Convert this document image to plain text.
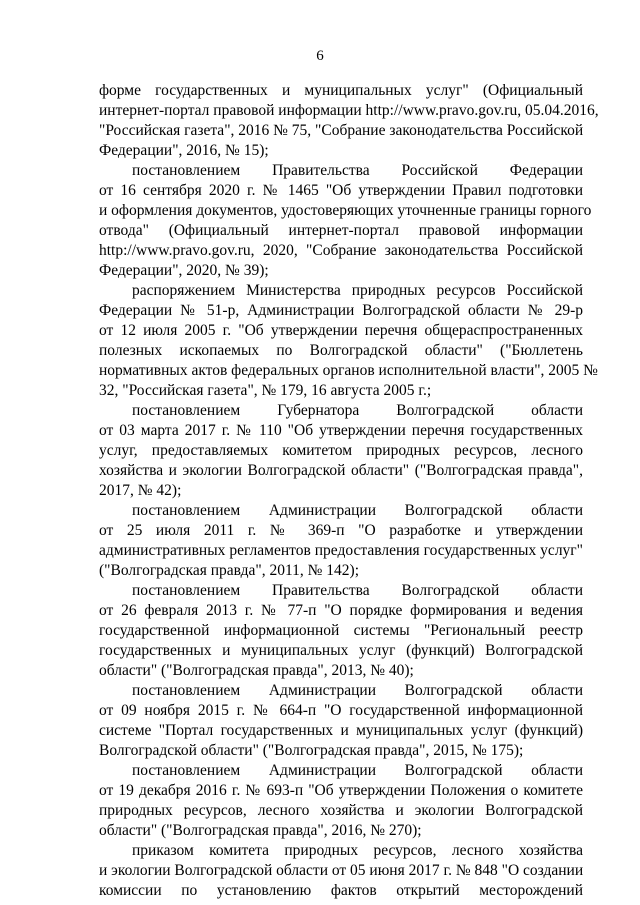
6
форме государственных и муниципальных услуг" (Официальный
интернет-портал правовой информации http://www.pravo.gov.ru, 05.04.2016,
"Российская газета", 2016 № 75, "Собрание законодательства Российской
Федерации", 2016, № 15);
постановлением Правительства Российской Федерации
от 16 сентября 2020 г. № 1465 "Об утверждении Правил подготовки
и оформления документов, удостоверяющих уточненные границы горного
отвода" (Официальный интернет-портал правовой информации
http://www.pravo.gov.ru, 2020, "Собрание законодательства Российской
Федерации", 2020, № 39);
распоряжением Министерства природных ресурсов Российской
Федерации № 51-р, Администрации Волгоградской области № 29-р
от 12 июля 2005 г. "Об утверждении перечня общераспространенных
полезных ископаемых по Волгоградской области" ("Бюллетень
нормативных актов федеральных органов исполнительной власти", 2005 №
32, "Российская газета", № 179, 16 августа 2005 г.;
постановлением Губернатора Волгоградской области
от 03 марта 2017 г. № 110 "Об утверждении перечня государственных
услуг, предоставляемых комитетом природных ресурсов, лесного
хозяйства и экологии Волгоградской области" ("Волгоградская правда",
2017, № 42);
постановлением Администрации Волгоградской области
от 25 июля 2011 г. № 369-п "О разработке и утверждении
административных регламентов предоставления государственных услуг"
("Волгоградская правда", 2011, № 142);
постановлением Правительства Волгоградской области
от 26 февраля 2013 г. № 77-п "О порядке формирования и ведения
государственной информационной системы "Региональный реестр
государственных и муниципальных услуг (функций) Волгоградской
области" ("Волгоградская правда", 2013, № 40);
постановлением Администрации Волгоградской области
от 09 ноября 2015 г. № 664-п "О государственной информационной
системе "Портал государственных и муниципальных услуг (функций)
Волгоградской области" ("Волгоградская правда", 2015, № 175);
постановлением Администрации Волгоградской области
от 19 декабря 2016 г. № 693-п "Об утверждении Положения о комитете
природных ресурсов, лесного хозяйства и экологии Волгоградской
области" ("Волгоградская правда", 2016, № 270);
приказом комитета природных ресурсов, лесного хозяйства
и экологии Волгоградской области от 05 июня 2017 г. № 848 "О создании
комиссии по установлению фактов открытий месторождений
